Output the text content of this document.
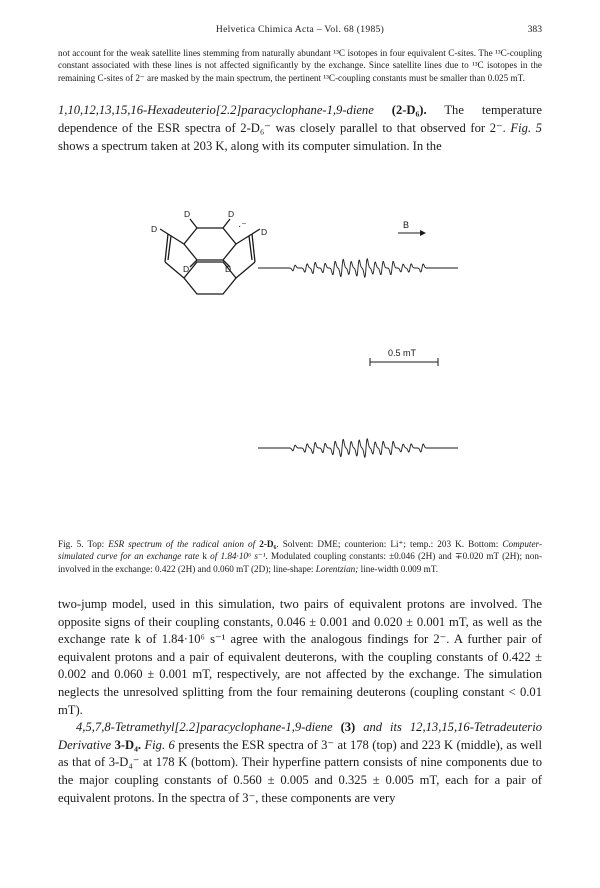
Helvetica Chimica Acta – Vol. 68 (1985)	383
not account for the weak satellite lines stemming from naturally abundant ¹³C isotopes in four equivalent C-sites. The ¹³C-coupling constant associated with these lines is not affected significantly by the exchange. Since satellite lines due to ¹³C isotopes in the remaining C-sites of 2⁻ are masked by the main spectrum, the pertinent ¹³C-coupling constants must be smaller than 0.025 mT.
1,10,12,13,15,16-Hexadeuterio[2.2]paracyclophane-1,9-diene (2-D₆). The temperature dependence of the ESR spectra of 2-D₆⁻ was closely parallel to that observed for 2⁻. Fig. 5 shows a spectrum taken at 203 K, along with its computer simulation. In the
D	D
D	D
D	D
·⁻	B
0.5 mT
Fig. 5. Top: ESR spectrum of the radical anion of 2-D₆. Solvent: DME; counterion: Li⁺; temp.: 203 K. Bottom: Computer-simulated curve for an exchange rate k of 1.84·10⁶ s⁻¹. Modulated coupling constants: ±0.046 (2H) and ∓0.020 mT (2H); non-involved in the exchange: 0.422 (2H) and 0.060 mT (2D); line-shape: Lorentzian; line-width 0.009 mT.

two-jump model, used in this simulation, two pairs of equivalent protons are involved. The opposite signs of their coupling constants, 0.046 ± 0.001 and 0.020 ± 0.001 mT, as well as the exchange rate k of 1.84·10⁶ s⁻¹ agree with the analogous findings for 2⁻. A further pair of equivalent protons and a pair of equivalent deuterons, with the coupling constants of 0.422 ± 0.002 and 0.060 ± 0.001 mT, respectively, are not affected by the exchange. The simulation neglects the unresolved splitting from the four remaining deuterons (coupling constant < 0.01 mT).

4,5,7,8-Tetramethyl[2.2]paracyclophane-1,9-diene (3) and its 12,13,15,16-Tetradeuterio Derivative 3-D₄. Fig. 6 presents the ESR spectra of 3⁻ at 178 (top) and 223 K (middle), as well as that of 3-D₄⁻ at 178 K (bottom). Their hyperfine pattern consists of nine components due to the major coupling constants of 0.560 ± 0.005 and 0.325 ± 0.005 mT, each for a pair of equivalent protons. In the spectra of 3⁻, these components are very
